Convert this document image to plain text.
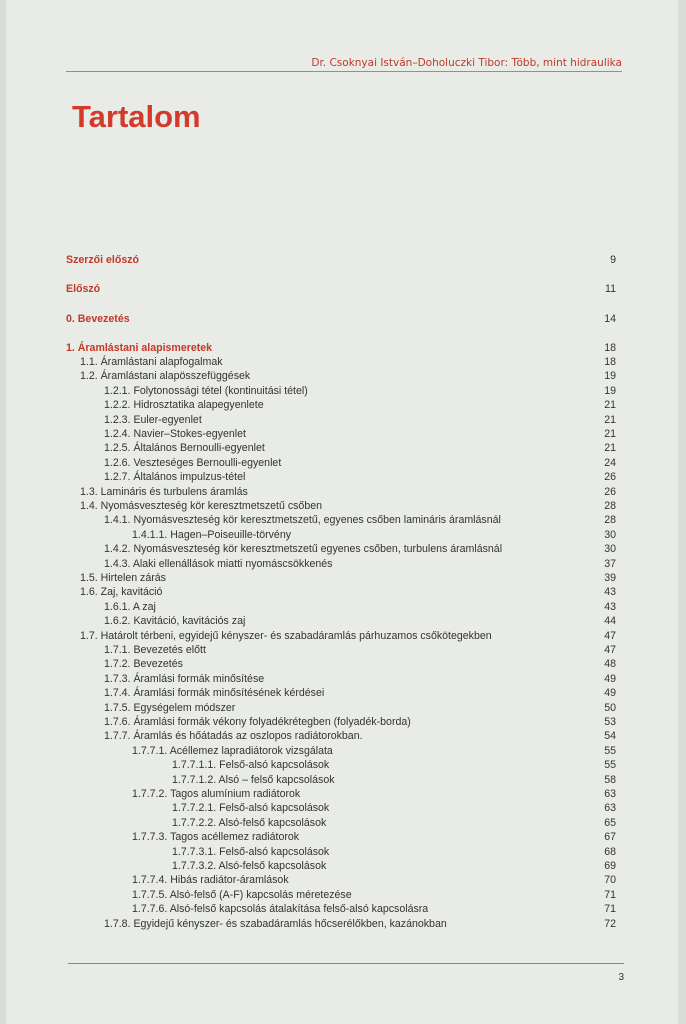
Dr. Csoknyai István–Doholuczki Tibor: Több, mint hidraulika
Tartalom
3
Szerzői előszó	9
Előszó	11
0. Bevezetés	14
1. Áramlástani alapismeretek	18
1.1. Áramlástani alapfogalmak	18
1.2. Áramlástani alapösszefüggések	19
1.2.1. Folytonossági tétel (kontinuitási tétel)	19
1.2.2. Hidrosztatika alapegyenlete	21
1.2.3. Euler-egyenlet	21
1.2.4. Navier–Stokes-egyenlet	21
1.2.5. Általános Bernoulli-egyenlet	21
1.2.6. Veszteséges Bernoulli-egyenlet	24
1.2.7. Általános impulzus-tétel	26
1.3. Lamináris és turbulens áramlás	26
1.4. Nyomásveszteség kör keresztmetszetű csőben	28
1.4.1. Nyomásveszteség kör keresztmetszetű, egyenes csőben lamináris áramlásnál	28
1.4.1.1. Hagen–Poiseuille-törvény	30
1.4.2. Nyomásveszteség kör keresztmetszetű egyenes csőben, turbulens áramlásnál	30
1.4.3. Alaki ellenállások miatti nyomáscsökkenés	37
1.5. Hirtelen zárás	39
1.6. Zaj, kavitáció	43
1.6.1. A zaj	43
1.6.2. Kavitáció, kavitációs zaj	44
1.7. Határolt térbeni, egyidejű kényszer- és szabadáramlás párhuzamos csőkötegekben	47
1.7.1. Bevezetés előtt	47
1.7.2. Bevezetés	48
1.7.3. Áramlási formák minősítése	49
1.7.4. Áramlási formák minősítésének kérdései	49
1.7.5. Egységelem módszer	50
1.7.6. Áramlási formák vékony folyadékrétegben (folyadék-borda)	53
1.7.7. Áramlás és hőátadás az oszlopos radiátorokban.	54
1.7.7.1. Acéllemez lapradiátorok vizsgálata	55
1.7.7.1.1. Felső-alsó kapcsolások	55
1.7.7.1.2. Alsó – felső kapcsolások	58
1.7.7.2. Tagos alumínium radiátorok	63
1.7.7.2.1. Felső-alsó kapcsolások	63
1.7.7.2.2. Alsó-felső kapcsolások	65
1.7.7.3. Tagos acéllemez radiátorok	67
1.7.7.3.1. Felső-alsó kapcsolások	68
1.7.7.3.2. Alsó-felső kapcsolások	69
1.7.7.4. Hibás radiátor-áramlások	70
1.7.7.5. Alsó-felső (A-F) kapcsolás méretezése	71
1.7.7.6. Alsó-felső kapcsolás átalakítása felső-alsó kapcsolásra	71
1.7.8. Egyidejű kényszer- és szabadáramlás hőcserélőkben, kazánokban	72
